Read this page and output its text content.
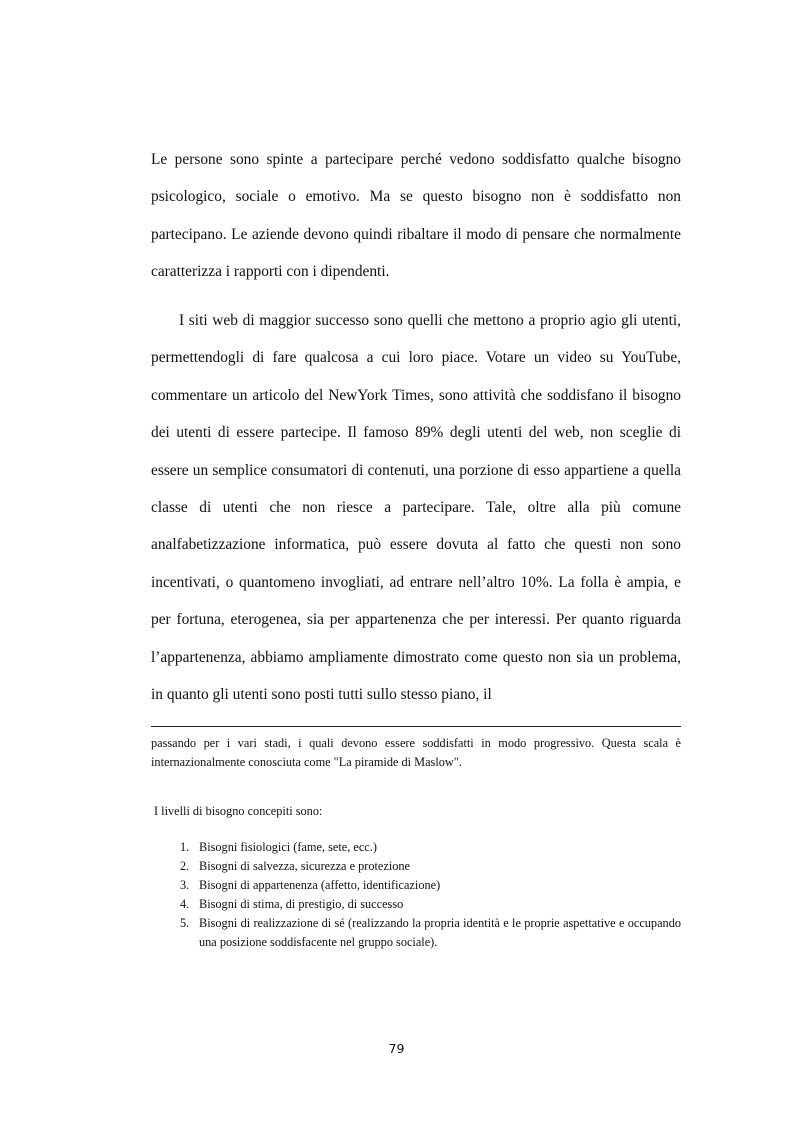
Le persone sono spinte a partecipare perché vedono soddisfatto qualche bisogno psicologico, sociale o emotivo. Ma se questo bisogno non è soddisfatto non partecipano. Le aziende devono quindi ribaltare il modo di pensare che normalmente caratterizza i rapporti con i dipendenti.

I siti web di maggior successo sono quelli che mettono a proprio agio gli utenti, permettendogli di fare qualcosa a cui loro piace. Votare un video su YouTube, commentare un articolo del NewYork Times, sono attività che soddisfano il bisogno dei utenti di essere partecipe. Il famoso 89% degli utenti del web, non sceglie di essere un semplice consumatori di contenuti, una porzione di esso appartiene a quella classe di utenti che non riesce a partecipare. Tale, oltre alla più comune analfabetizzazione informatica, può essere dovuta al fatto che questi non sono incentivati, o quantomeno invogliati, ad entrare nell’altro 10%. La folla è ampia, e per fortuna, eterogenea, sia per appartenenza che per interessi. Per quanto riguarda l’appartenenza, abbiamo ampliamente dimostrato come questo non sia un problema, in quanto gli utenti sono posti tutti sullo stesso piano, il

passando per i vari stadi, i quali devono essere soddisfatti in modo progressivo. Questa scala è internazionalmente conosciuta come "La piramide di Maslow".

I livelli di bisogno concepiti sono:

1. Bisogni fisiologici (fame, sete, ecc.)
2. Bisogni di salvezza, sicurezza e protezione
3. Bisogni di appartenenza (affetto, identificazione)
4. Bisogni di stima, di prestigio, di successo
5. Bisogni di realizzazione di sé (realizzando la propria identità e le proprie aspettative e occupando una posizione soddisfacente nel gruppo sociale).

79
